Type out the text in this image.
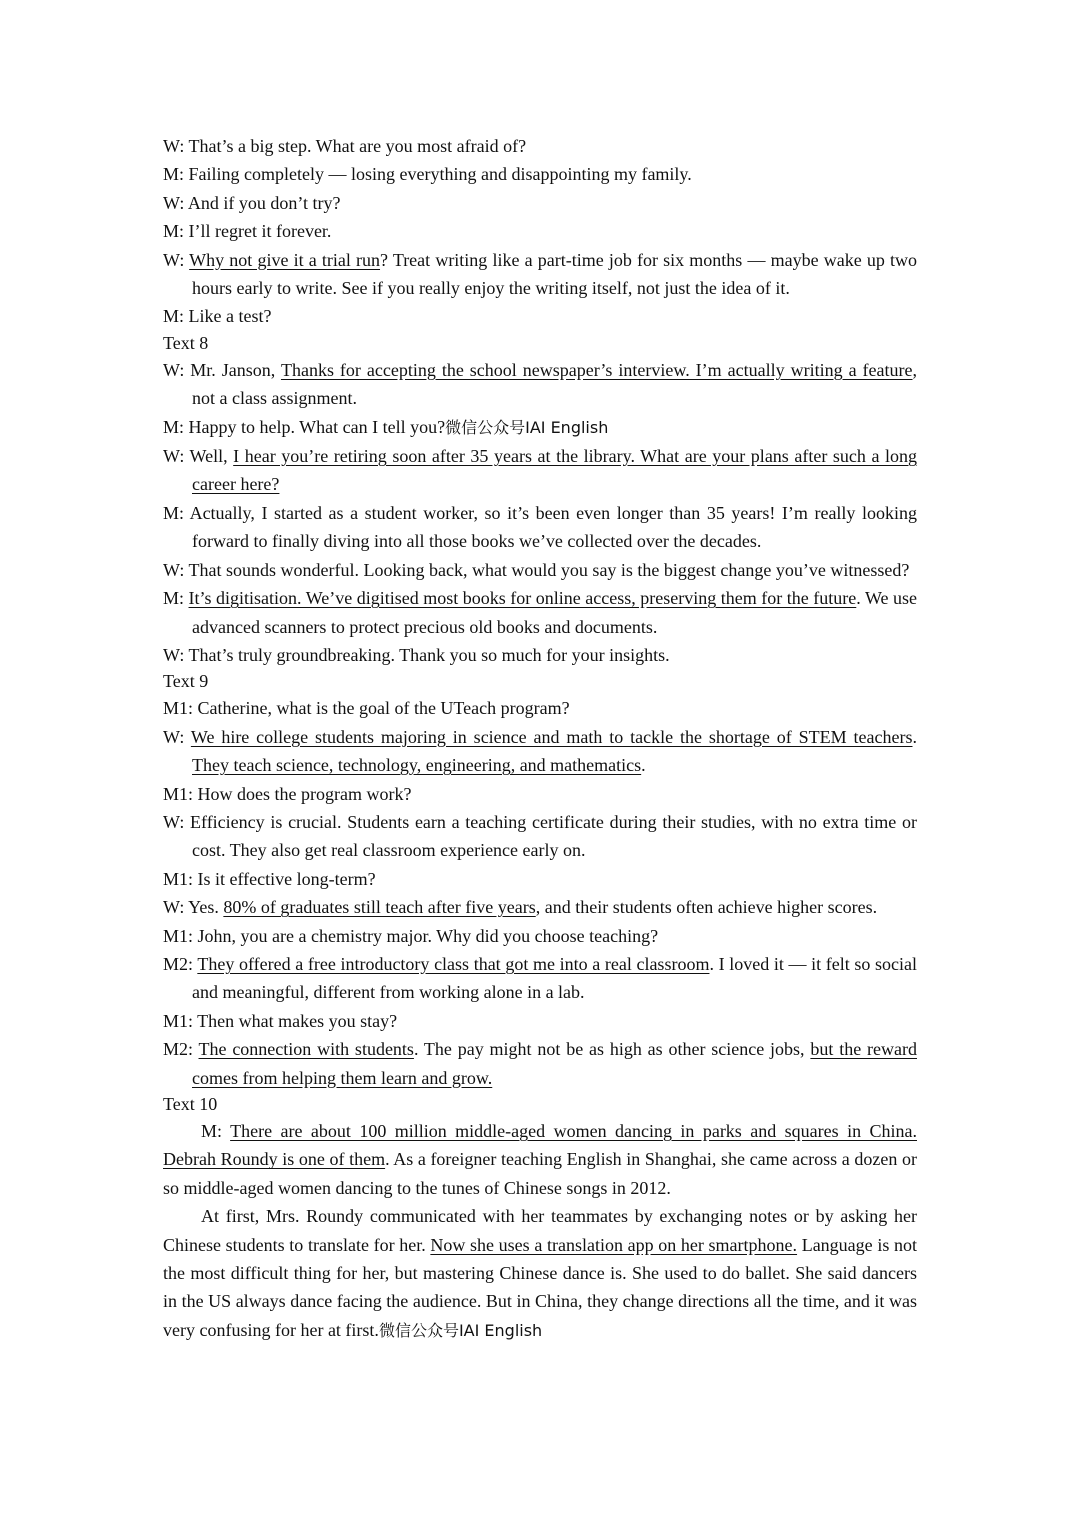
W: That’s a big step. What are you most afraid of?

M: Failing completely — losing everything and disappointing my family.

W: And if you don’t try?

M: I’ll regret it forever.

W: Why not give it a trial run? Treat writing like a part-time job for six months — maybe wake up two hours early to write. See if you really enjoy the writing itself, not just the idea of it.

M: Like a test?

Text 8

W: Mr. Janson, Thanks for accepting the school newspaper’s interview. I’m actually writing a feature, not a class assignment.

M: Happy to help. What can I tell you?微信公众号IAI English

W: Well, I hear you’re retiring soon after 35 years at the library. What are your plans after such a long career here?

M: Actually, I started as a student worker, so it’s been even longer than 35 years! I’m really looking forward to finally diving into all those books we’ve collected over the decades.

W: That sounds wonderful. Looking back, what would you say is the biggest change you’ve witnessed?

M: It’s digitisation. We’ve digitised most books for online access, preserving them for the future. We use advanced scanners to protect precious old books and documents.

W: That’s truly groundbreaking. Thank you so much for your insights.

Text 9

M1: Catherine, what is the goal of the UTeach program?

W: We hire college students majoring in science and math to tackle the shortage of STEM teachers. They teach science, technology, engineering, and mathematics.

M1: How does the program work?

W: Efficiency is crucial. Students earn a teaching certificate during their studies, with no extra time or cost. They also get real classroom experience early on.

M1: Is it effective long-term?

W: Yes. 80% of graduates still teach after five years, and their students often achieve higher scores.

M1: John, you are a chemistry major. Why did you choose teaching?

M2: They offered a free introductory class that got me into a real classroom. I loved it — it felt so social and meaningful, different from working alone in a lab.

M1: Then what makes you stay?

M2: The connection with students. The pay might not be as high as other science jobs, but the reward comes from helping them learn and grow.

Text 10

M: There are about 100 million middle-aged women dancing in parks and squares in China. Debrah Roundy is one of them. As a foreigner teaching English in Shanghai, she came across a dozen or so middle-aged women dancing to the tunes of Chinese songs in 2012.

At first, Mrs. Roundy communicated with her teammates by exchanging notes or by asking her Chinese students to translate for her. Now she uses a translation app on her smartphone. Language is not the most difficult thing for her, but mastering Chinese dance is. She used to do ballet. She said dancers in the US always dance facing the audience. But in China, they change directions all the time, and it was very confusing for her at first.微信公众号IAI English
